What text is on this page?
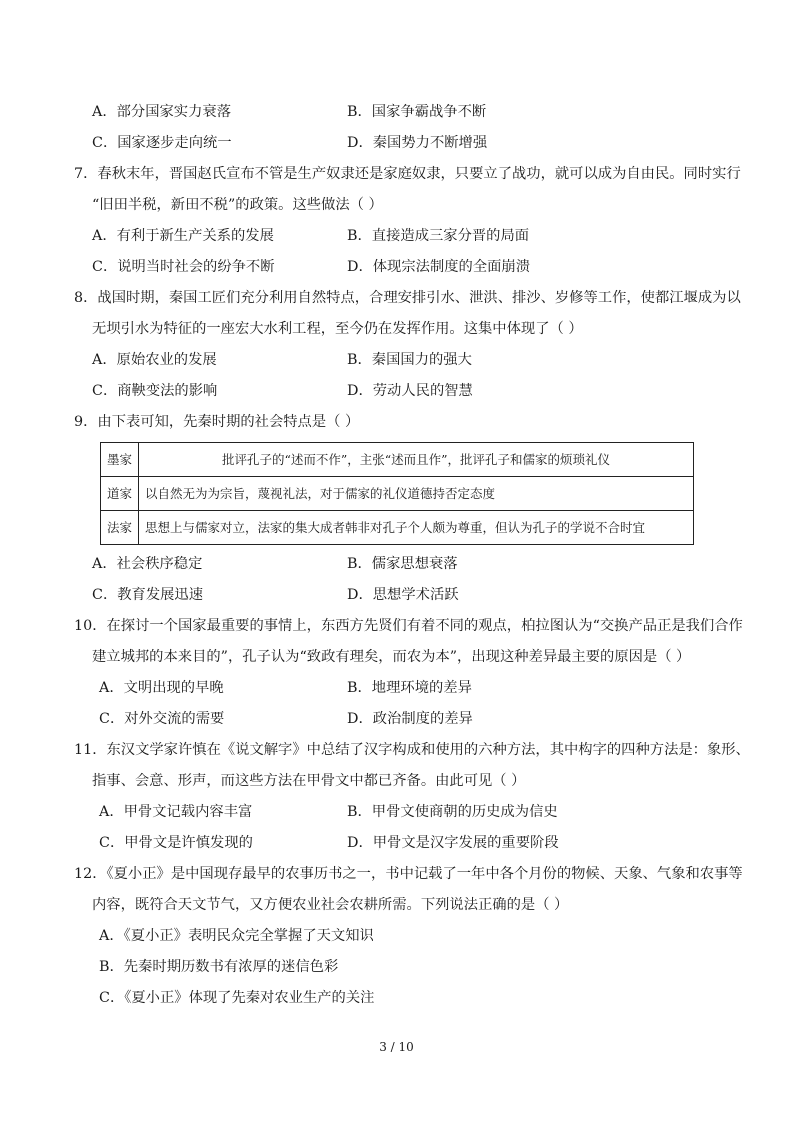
A．部分国家实力衰落	B．国家争霸战争不断
C．国家逐步走向统一	D．秦国势力不断增强
7．春秋末年，晋国赵氏宣布不管是生产奴隶还是家庭奴隶，只要立了战功，就可以成为自由民。同时实行
“旧田半税，新田不税”的政策。这些做法（ ）
A．有利于新生产关系的发展	B．直接造成三家分晋的局面
C．说明当时社会的纷争不断	D．体现宗法制度的全面崩溃
8．战国时期，秦国工匠们充分利用自然特点，合理安排引水、泄洪、排沙、岁修等工作，使都江堰成为以
无坝引水为特征的一座宏大水利工程，至今仍在发挥作用。这集中体现了（ ）
A．原始农业的发展	B．秦国国力的强大
C．商鞅变法的影响	D．劳动人民的智慧
9．由下表可知，先秦时期的社会特点是（ ）
墨家	批评孔子的“述而不作”，主张“述而且作”，批评孔子和儒家的烦琐礼仪
道家	以自然无为为宗旨，蔑视礼法，对于儒家的礼仪道德持否定态度
法家	思想上与儒家对立，法家的集大成者韩非对孔子个人颇为尊重，但认为孔子的学说不合时宜
A．社会秩序稳定	B．儒家思想衰落
C．教育发展迅速	D．思想学术活跃
10．在探讨一个国家最重要的事情上，东西方先贤们有着不同的观点，柏拉图认为“交换产品正是我们合作
建立城邦的本来目的”，孔子认为“致政有理矣，而农为本”，出现这种差异最主要的原因是（ ）
A．文明出现的早晚	B．地理环境的差异
C．对外交流的需要	D．政治制度的差异
11．东汉文学家许慎在《说文解字》中总结了汉字构成和使用的六种方法，其中构字的四种方法是：象形、
指事、会意、形声，而这些方法在甲骨文中都已齐备。由此可见（ ）
A．甲骨文记载内容丰富	B．甲骨文使商朝的历史成为信史
C．甲骨文是许慎发现的	D．甲骨文是汉字发展的重要阶段
12．《夏小正》是中国现存最早的农事历书之一，书中记载了一年中各个月份的物候、天象、气象和农事等
内容，既符合天文节气，又方便农业社会农耕所需。下列说法正确的是（ ）
A．《夏小正》表明民众完全掌握了天文知识
B．先秦时期历数书有浓厚的迷信色彩
C．《夏小正》体现了先秦对农业生产的关注
3 / 10
